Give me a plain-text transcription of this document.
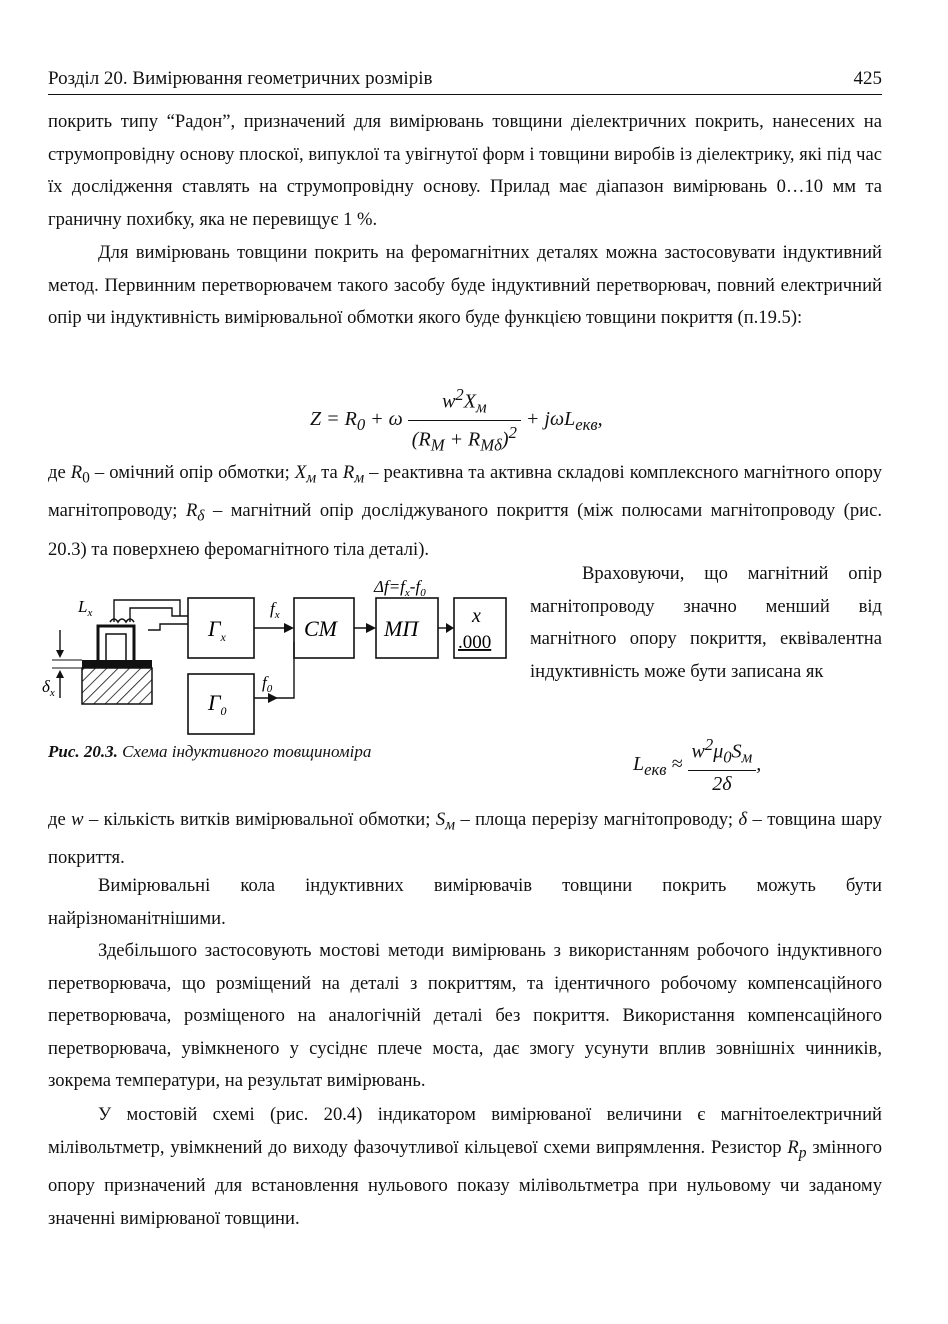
Розділ 20. Вимірювання геометричних розмірів	425

покрить типу “Радон”, призначений для вимірювань товщини діелектричних покрить, нанесених на струмопровідну основу плоскої, випуклої та увігнутої форм і товщини виробів із діелектрику, які під час їх дослідження ставлять на струмопровідну основу. Прилад має діапазон вимірювань 0…10 мм та граничну похибку, яка не перевищує 1 %.

Для вимірювань товщини покрить на феромагнітних деталях можна застосовувати індуктивний метод. Первинним перетворювачем такого засобу буде індуктивний перетворювач, повний електричний опір чи індуктивність вимірювальної обмотки якого буде функцією товщини покриття (п.19.5):

$Z = R_0 + \omega \frac{w^2X_м}{(R_M + R_{M\delta})^2} + j\omega L_{екв}$,

де $R_0$ – омічний опір обмотки; $X_м$ та $R_м$ – реактивна та активна складові комплексного магнітного опору магнітопроводу; $R_\delta$ – магнітний опір досліджуваного покриття (між полюсами магнітопроводу (рис. 20.3) та поверхнею феромагнітного тіла деталі).

$\delta_x$
$L_x$
$Г_x$
$f_x$
СМ МП
$\Delta f=f_x-f_0$
x
.000
$Г_0$
$f_0$
Рис. 20.3. Схема індуктивного товщиноміра

Враховуючи, що магнітний опір магнітопроводу значно менший від магнітного опору покриття, еквівалентна індуктивність може бути записана як

$L_{екв} \approx \frac{w^2\mu_0S_м}{2\delta}$ ,

де w – кількість витків вимірювальної обмотки; $S_м$ – площа перерізу магнітопроводу; δ – товщина шару покриття.

Вимірювальні кола індуктивних вимірювачів товщини покрить можуть бути найрізноманітнішими.

Здебільшого застосовують мостові методи вимірювань з використанням робочого індуктивного перетворювача, що розміщений на деталі з покриттям, та ідентичного робочому компенсаційного перетворювача, розміщеного на аналогічній деталі без покриття. Використання компенсаційного перетворювача, увімкненого у сусіднє плече моста, дає змогу усунути вплив зовнішніх чинників, зокрема температури, на результат вимірювань.

У мостовій схемі (рис. 20.4) індикатором вимірюваної величини є магнітоелектричний мілівольтметр, увімкнений до виходу фазочутливої кільцевої схеми випрямлення. Резистор $R_p$ змінного опору призначений для встановлення нульового показу мілівольтметра при нульовому чи заданому значенні вимірюваної товщини.
